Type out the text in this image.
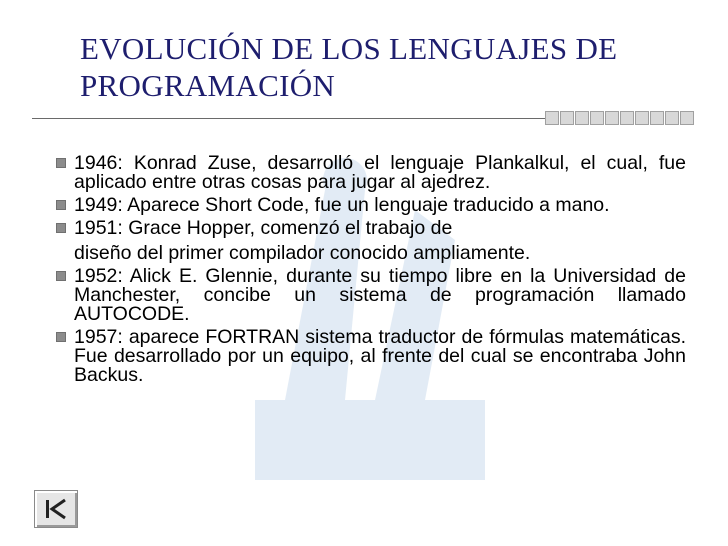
EVOLUCIÓN DE LOS LENGUAJES DE
PROGRAMACIÓN
1946: Konrad Zuse, desarrolló el lenguaje Plankalkul, el cual, fue aplicado entre otras cosas para jugar al ajedrez.
1949: Aparece Short Code, fue un lenguaje traducido a mano.
1951: Grace Hopper, comenzó el trabajo de
diseño del primer compilador conocido ampliamente.
1952: Alick E. Glennie, durante su tiempo libre en la Universidad de Manchester, concibe un sistema de programación llamado AUTOCODE.
1957: aparece FORTRAN sistema traductor de fórmulas matemáticas. Fue desarrollado por un equipo, al frente del cual se encontraba John Backus.
